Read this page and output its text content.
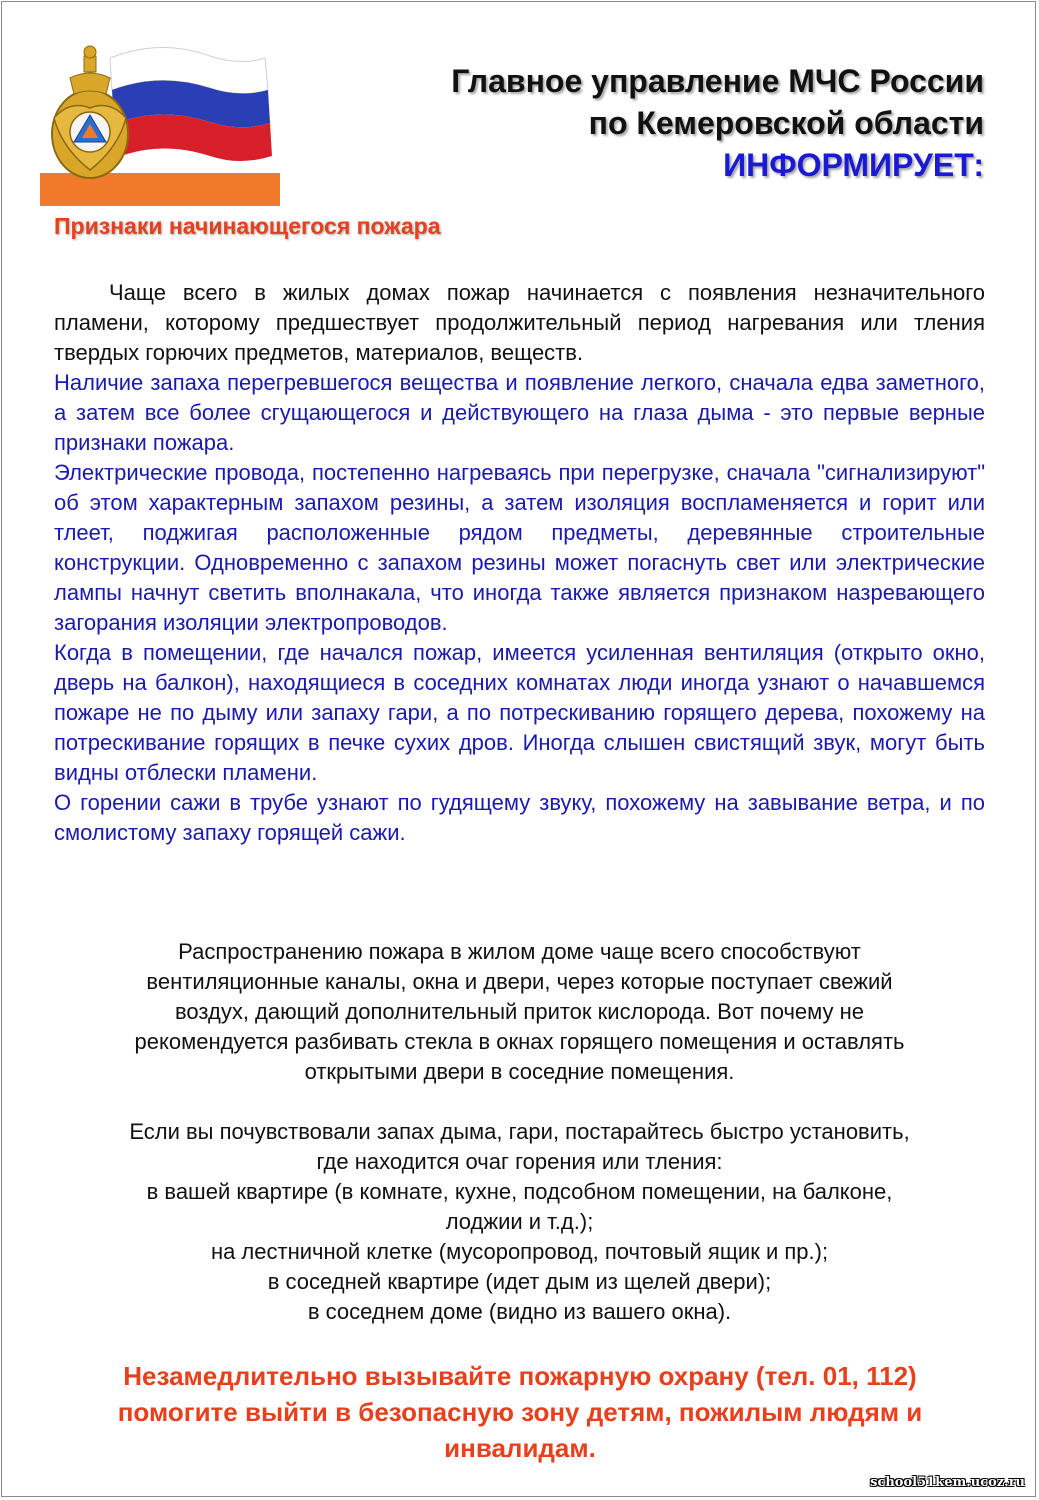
Главное управление МЧС России
по Кемеровской области
ИНФОРМИРУЕТ:
Признаки начинающегося пожара

Чаще всего в жилых домах пожар начинается с появления незначительного пламени, которому предшествует продолжительный период нагревания или тления твердых горючих предметов, материалов, веществ.

Наличие запаха перегревшегося вещества и появление легкого, сначала едва заметного, а затем все более сгущающегося и действующего на глаза дыма - это первые верные признаки пожара.

Электрические провода, постепенно нагреваясь при перегрузке, сначала "сигнализируют" об этом характерным запахом резины, а затем изоляция воспламеняется и горит или тлеет, поджигая расположенные рядом предметы, деревянные строительные конструкции. Одновременно с запахом резины может погаснуть свет или электрические лампы начнут светить вполнакала, что иногда также является признаком назревающего загорания изоляции электропроводов.

Когда в помещении, где начался пожар, имеется усиленная вентиляция (открыто окно, дверь на балкон), находящиеся в соседних комнатах люди иногда узнают о начавшемся пожаре не по дыму или запаху гари, а по потрескиванию горящего дерева, похожему на потрескивание горящих в печке сухих дров. Иногда слышен свистящий звук, могут быть видны отблески пламени.

О горении сажи в трубе узнают по гудящему звуку, похожему на завывание ветра, и по смолистому запаху горящей сажи.

Распространению пожара в жилом доме чаще всего способствуют

вентиляционные каналы, окна и двери, через которые поступает свежий

воздух, дающий дополнительный приток кислорода. Вот почему не

рекомендуется разбивать стекла в окнах горящего помещения и оставлять

открытыми двери в соседние помещения.

Если вы почувствовали запах дыма, гари, постарайтесь быстро установить,

где находится очаг горения или тления:

в вашей квартире (в комнате, кухне, подсобном помещении, на балконе,

лоджии и т.д.);

на лестничной клетке (мусоропровод, почтовый ящик и пр.);

в соседней квартире (идет дым из щелей двери);

в соседнем доме (видно из вашего окна).

Незамедлительно вызывайте пожарную охрану (тел. 01, 112)
помогите выйти в безопасную зону детям, пожилым людям и
инвалидам.
school51kem.ucoz.ru
